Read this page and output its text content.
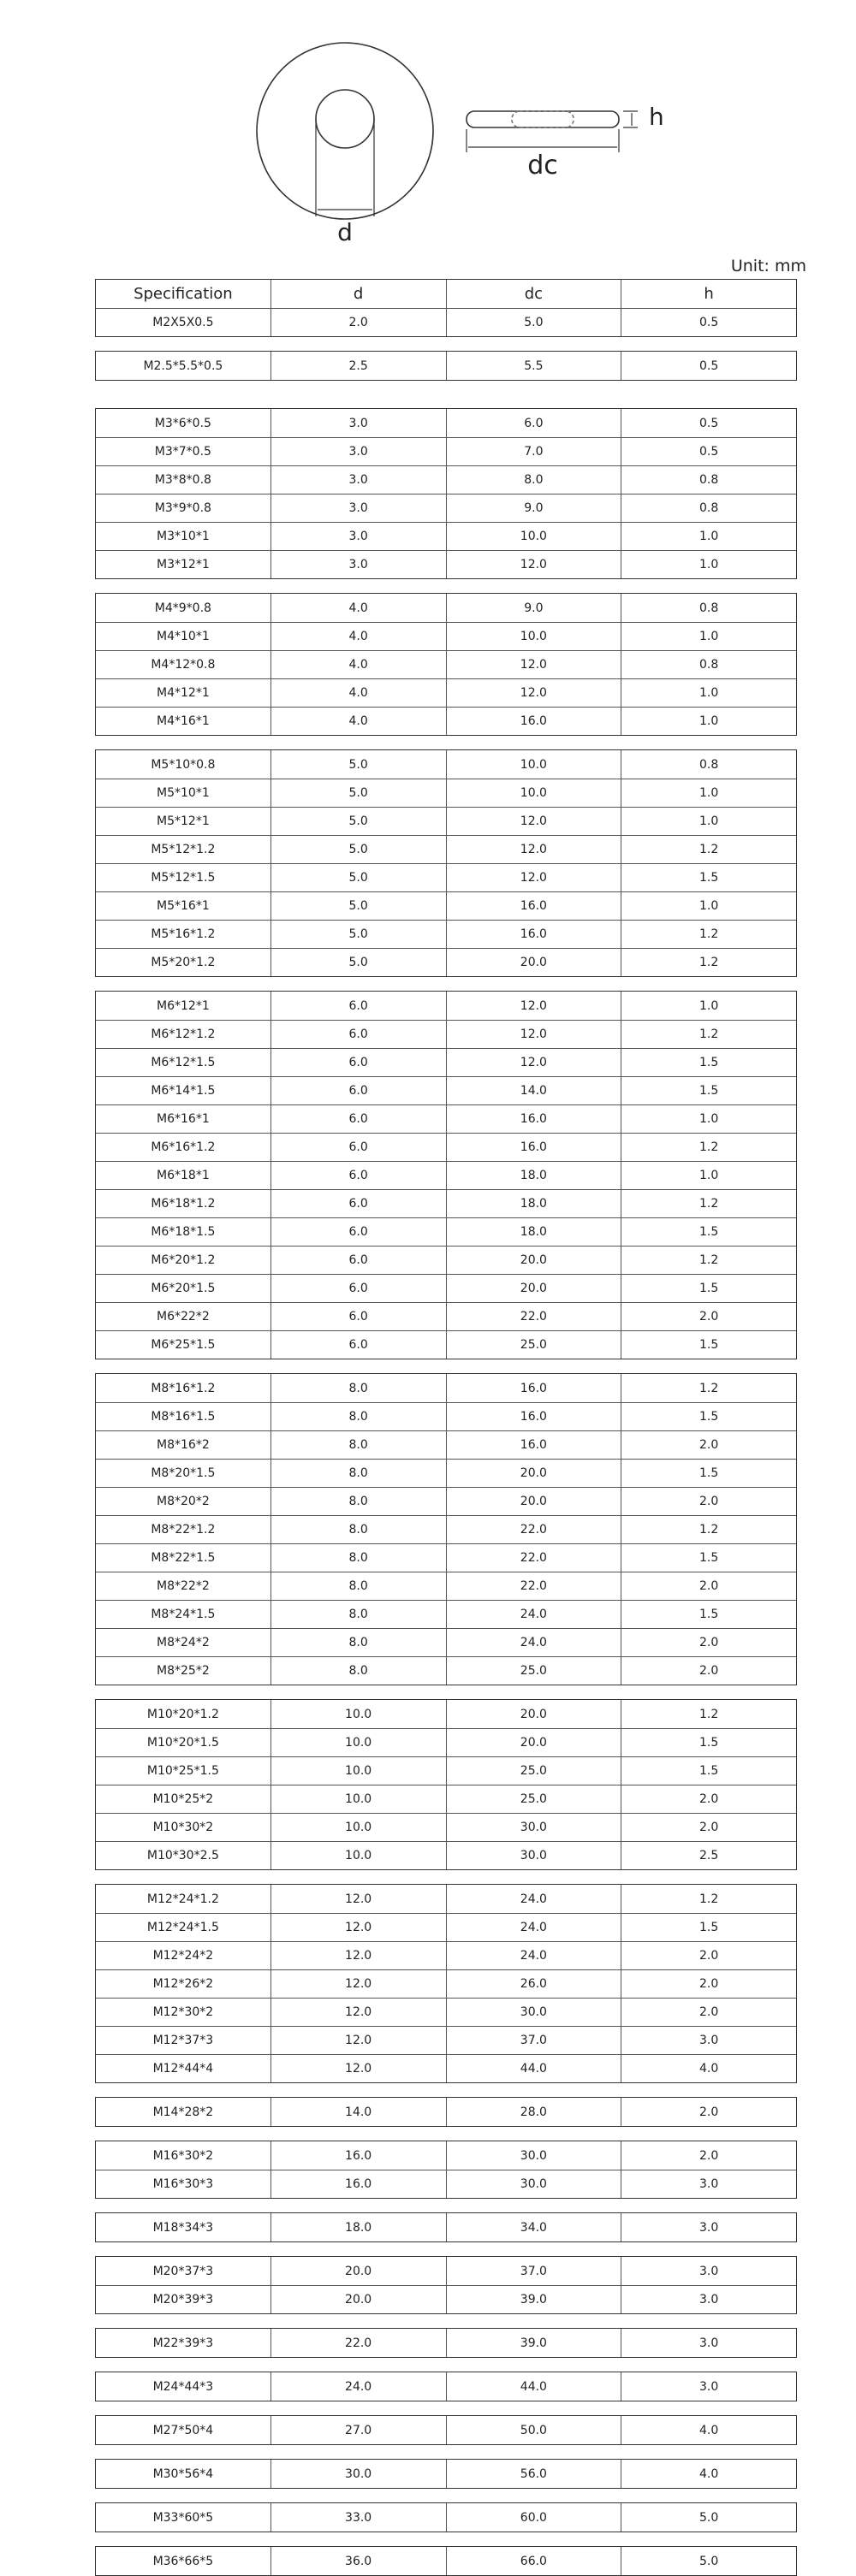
d
dc
h
Unit: mm
Specification	d	dc	h
M2X5X0.5	2.0	5.0	0.5
M2.5*5.5*0.5	2.5	5.5	0.5
M3*6*0.5	3.0	6.0	0.5
M3*7*0.5	3.0	7.0	0.5
M3*8*0.8	3.0	8.0	0.8
M3*9*0.8	3.0	9.0	0.8
M3*10*1	3.0	10.0	1.0
M3*12*1	3.0	12.0	1.0
M4*9*0.8	4.0	9.0	0.8
M4*10*1	4.0	10.0	1.0
M4*12*0.8	4.0	12.0	0.8
M4*12*1	4.0	12.0	1.0
M4*16*1	4.0	16.0	1.0
M5*10*0.8	5.0	10.0	0.8
M5*10*1	5.0	10.0	1.0
M5*12*1	5.0	12.0	1.0
M5*12*1.2	5.0	12.0	1.2
M5*12*1.5	5.0	12.0	1.5
M5*16*1	5.0	16.0	1.0
M5*16*1.2	5.0	16.0	1.2
M5*20*1.2	5.0	20.0	1.2
M6*12*1	6.0	12.0	1.0
M6*12*1.2	6.0	12.0	1.2
M6*12*1.5	6.0	12.0	1.5
M6*14*1.5	6.0	14.0	1.5
M6*16*1	6.0	16.0	1.0
M6*16*1.2	6.0	16.0	1.2
M6*18*1	6.0	18.0	1.0
M6*18*1.2	6.0	18.0	1.2
M6*18*1.5	6.0	18.0	1.5
M6*20*1.2	6.0	20.0	1.2
M6*20*1.5	6.0	20.0	1.5
M6*22*2	6.0	22.0	2.0
M6*25*1.5	6.0	25.0	1.5
M8*16*1.2	8.0	16.0	1.2
M8*16*1.5	8.0	16.0	1.5
M8*16*2	8.0	16.0	2.0
M8*20*1.5	8.0	20.0	1.5
M8*20*2	8.0	20.0	2.0
M8*22*1.2	8.0	22.0	1.2
M8*22*1.5	8.0	22.0	1.5
M8*22*2	8.0	22.0	2.0
M8*24*1.5	8.0	24.0	1.5
M8*24*2	8.0	24.0	2.0
M8*25*2	8.0	25.0	2.0
M10*20*1.2	10.0	20.0	1.2
M10*20*1.5	10.0	20.0	1.5
M10*25*1.5	10.0	25.0	1.5
M10*25*2	10.0	25.0	2.0
M10*30*2	10.0	30.0	2.0
M10*30*2.5	10.0	30.0	2.5
M12*24*1.2	12.0	24.0	1.2
M12*24*1.5	12.0	24.0	1.5
M12*24*2	12.0	24.0	2.0
M12*26*2	12.0	26.0	2.0
M12*30*2	12.0	30.0	2.0
M12*37*3	12.0	37.0	3.0
M12*44*4	12.0	44.0	4.0
M14*28*2	14.0	28.0	2.0
M16*30*2	16.0	30.0	2.0
M16*30*3	16.0	30.0	3.0
M18*34*3	18.0	34.0	3.0
M20*37*3	20.0	37.0	3.0
M20*39*3	20.0	39.0	3.0
M22*39*3	22.0	39.0	3.0
M24*44*3	24.0	44.0	3.0
M27*50*4	27.0	50.0	4.0
M30*56*4	30.0	56.0	4.0
M33*60*5	33.0	60.0	5.0
M36*66*5	36.0	66.0	5.0
